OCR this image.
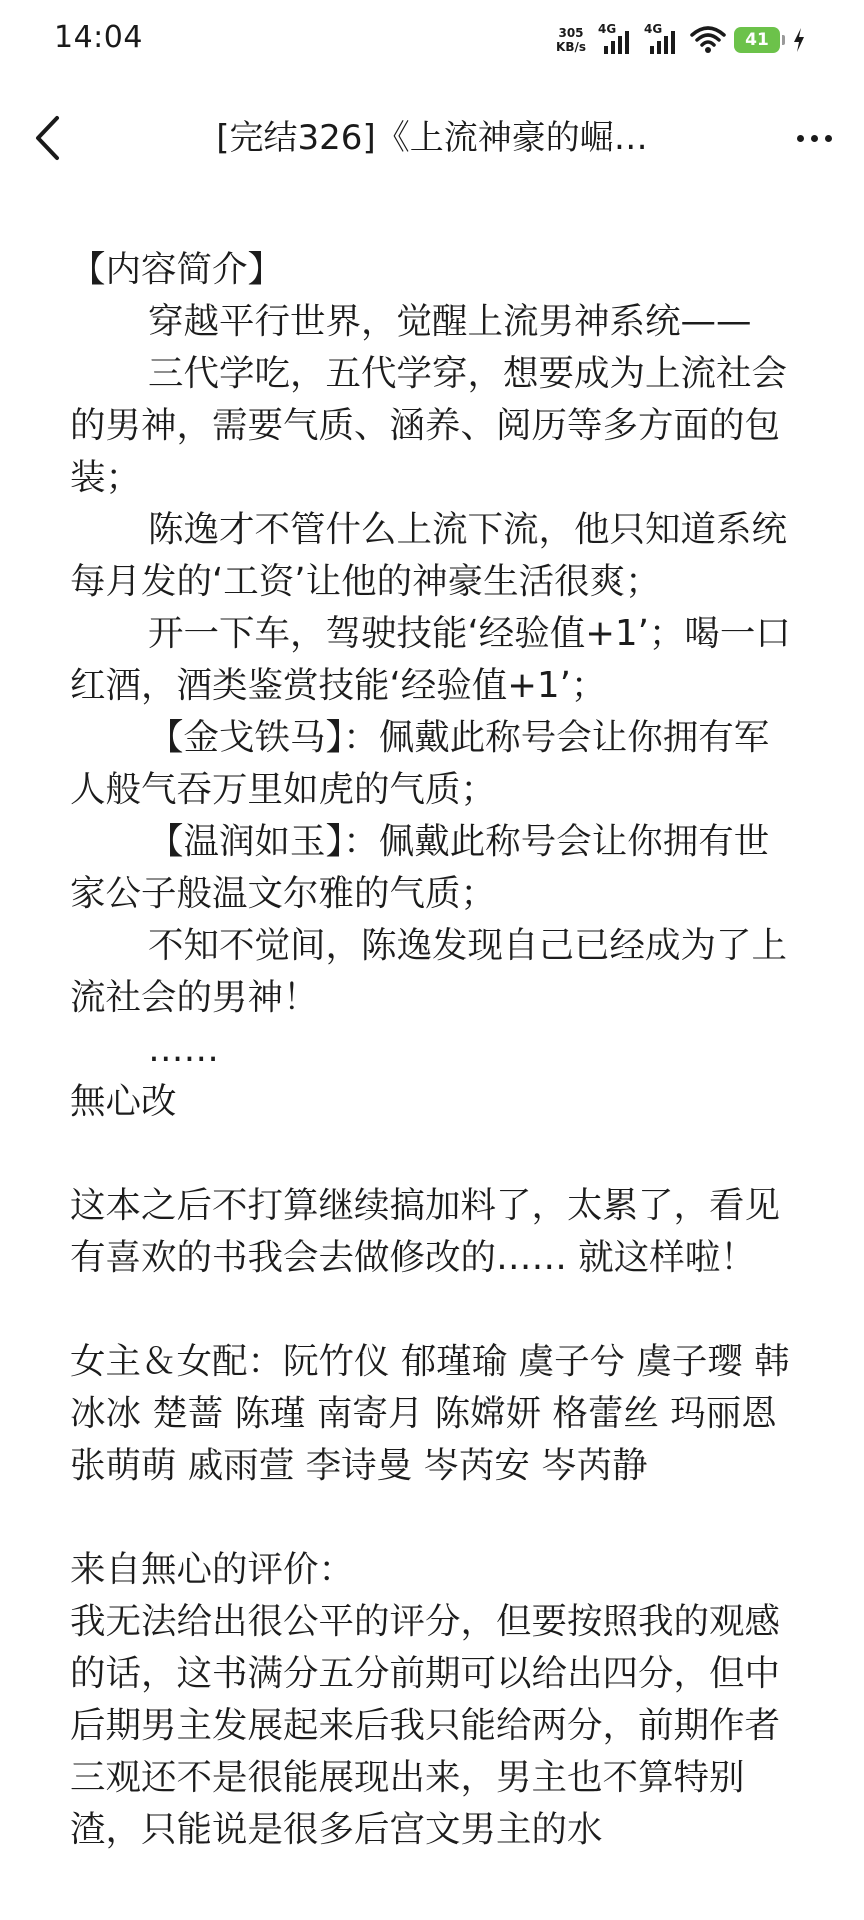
14:04	305
KB/s
4G 4G
41
[完结326]《上流神豪的崛…

【内容简介】

穿越平行世界，觉醒上流男神系统——

三代学吃，五代学穿，想要成为上流社会的男神，需要气质、涵养、阅历等多方面的包装；

陈逸才不管什么上流下流，他只知道系统每月发的‘工资’让他的神豪生活很爽；

开一下车，驾驶技能‘经验值+1’；喝一口红酒，酒类鉴赏技能‘经验值+1’；

【金戈铁马】：佩戴此称号会让你拥有军人般气吞万里如虎的气质；

【温润如玉】：佩戴此称号会让你拥有世家公子般温文尔雅的气质；

不知不觉间，陈逸发现自己已经成为了上流社会的男神！

……

無心改

这本之后不打算继续搞加料了，太累了，看见有喜欢的书我会去做修改的…… 就这样啦！

女主＆女配：阮竹仪 郁瑾瑜 虞子兮 虞子璎 韩冰冰 楚蔷 陈瑾 南寄月 陈嫦妍 格蕾丝 玛丽恩 张萌萌 戚雨萱 李诗曼 岑芮安 岑芮静

来自無心的评价：

我无法给出很公平的评分，但要按照我的观感的话，这书满分五分前期可以给出四分，但中后期男主发展起来后我只能给两分，前期作者三观还不是很能展现出来，男主也不算特别渣，只能说是很多后宫文男主的水
